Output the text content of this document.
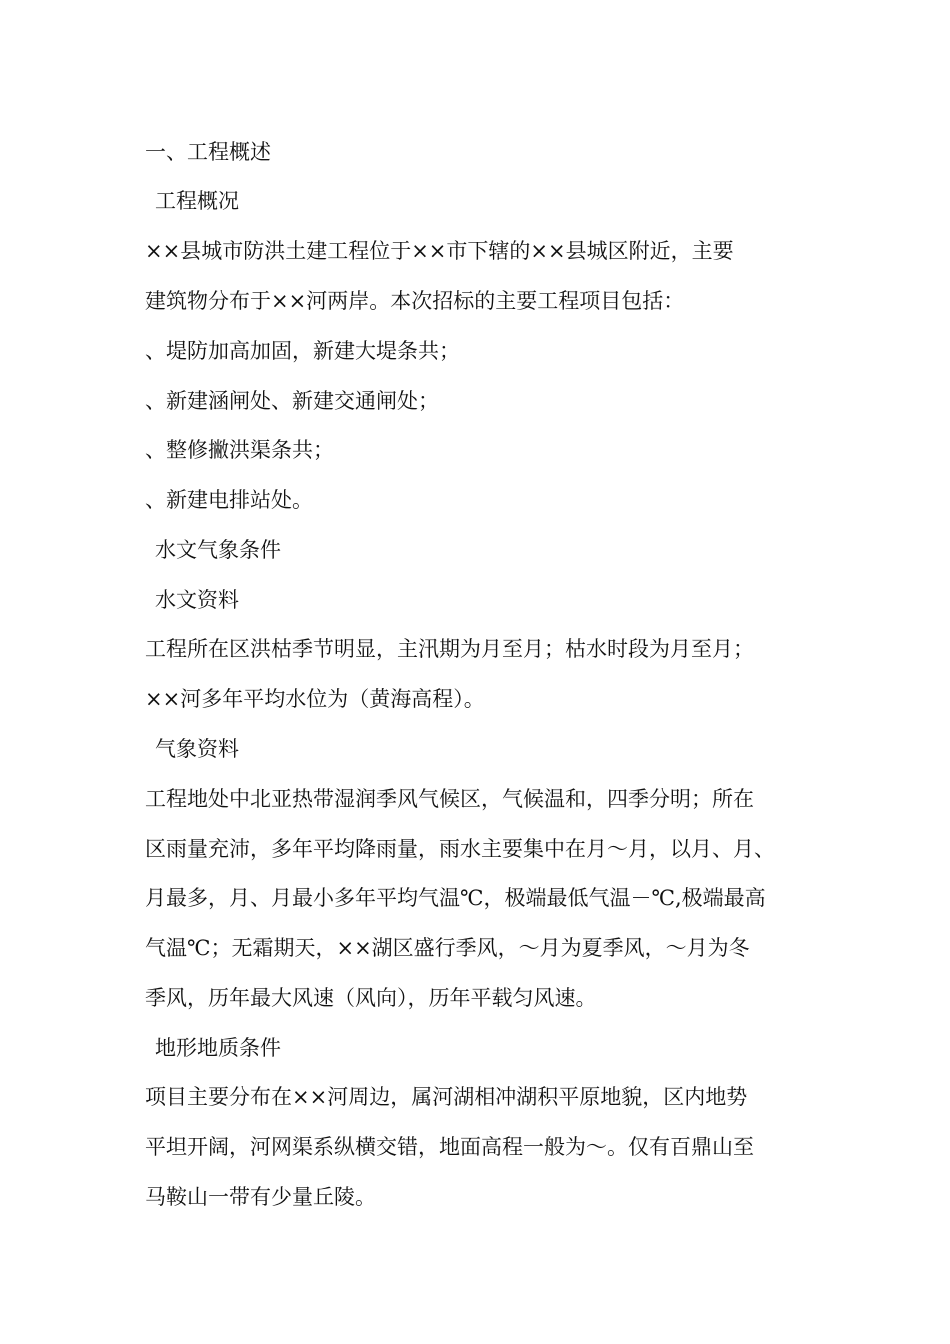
一、工程概述
工程概况
××县城市防洪土建工程位于××市下辖的××县城区附近，主要
建筑物分布于××河两岸。本次招标的主要工程项目包括：
、堤防加高加固，新建大堤条共；
、新建涵闸处、新建交通闸处；
、整修撇洪渠条共；
、新建电排站处。
水文气象条件
水文资料
工程所在区洪枯季节明显，主汛期为月至月；枯水时段为月至月；
××河多年平均水位为（黄海高程）。
气象资料
工程地处中北亚热带湿润季风气候区，气候温和，四季分明；所在
区雨量充沛，多年平均降雨量，雨水主要集中在月～月，以月、月、
月最多，月、月最小多年平均气温℃，极端最低气温－℃,极端最高
气温℃；无霜期天，××湖区盛行季风，～月为夏季风，～月为冬
季风，历年最大风速（风向），历年平载匀风速。
地形地质条件
项目主要分布在××河周边，属河湖相冲湖积平原地貌，区内地势
平坦开阔，河网渠系纵横交错，地面高程一般为～。仅有百鼎山至
马鞍山一带有少量丘陵。
